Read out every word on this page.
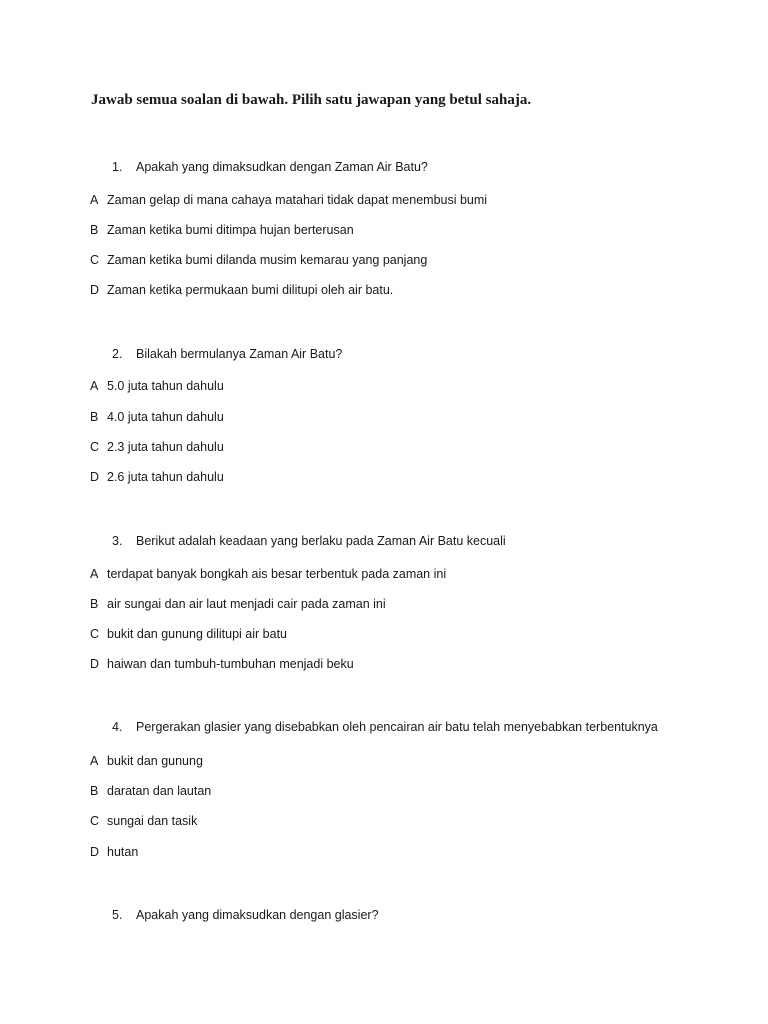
Jawab semua soalan di bawah. Pilih satu jawapan yang betul sahaja.
1. Apakah yang dimaksudkan dengan Zaman Air Batu?
A Zaman gelap di mana cahaya matahari tidak dapat menembusi bumi
B Zaman ketika bumi ditimpa hujan berterusan
C Zaman ketika bumi dilanda musim kemarau yang panjang
D Zaman ketika permukaan bumi dilitupi oleh air batu.
2. Bilakah bermulanya Zaman Air Batu?
A 5.0 juta tahun dahulu
B 4.0 juta tahun dahulu
C 2.3 juta tahun dahulu
D 2.6 juta tahun dahulu
3. Berikut adalah keadaan yang berlaku pada Zaman Air Batu kecuali
A terdapat banyak bongkah ais besar terbentuk pada zaman ini
B air sungai dan air laut menjadi cair pada zaman ini
C bukit dan gunung dilitupi air batu
D haiwan dan tumbuh-tumbuhan menjadi beku
4. Pergerakan glasier yang disebabkan oleh pencairan air batu telah menyebabkan terbentuknya
A bukit dan gunung
B daratan dan lautan
C sungai dan tasik
D hutan
5. Apakah yang dimaksudkan dengan glasier?
